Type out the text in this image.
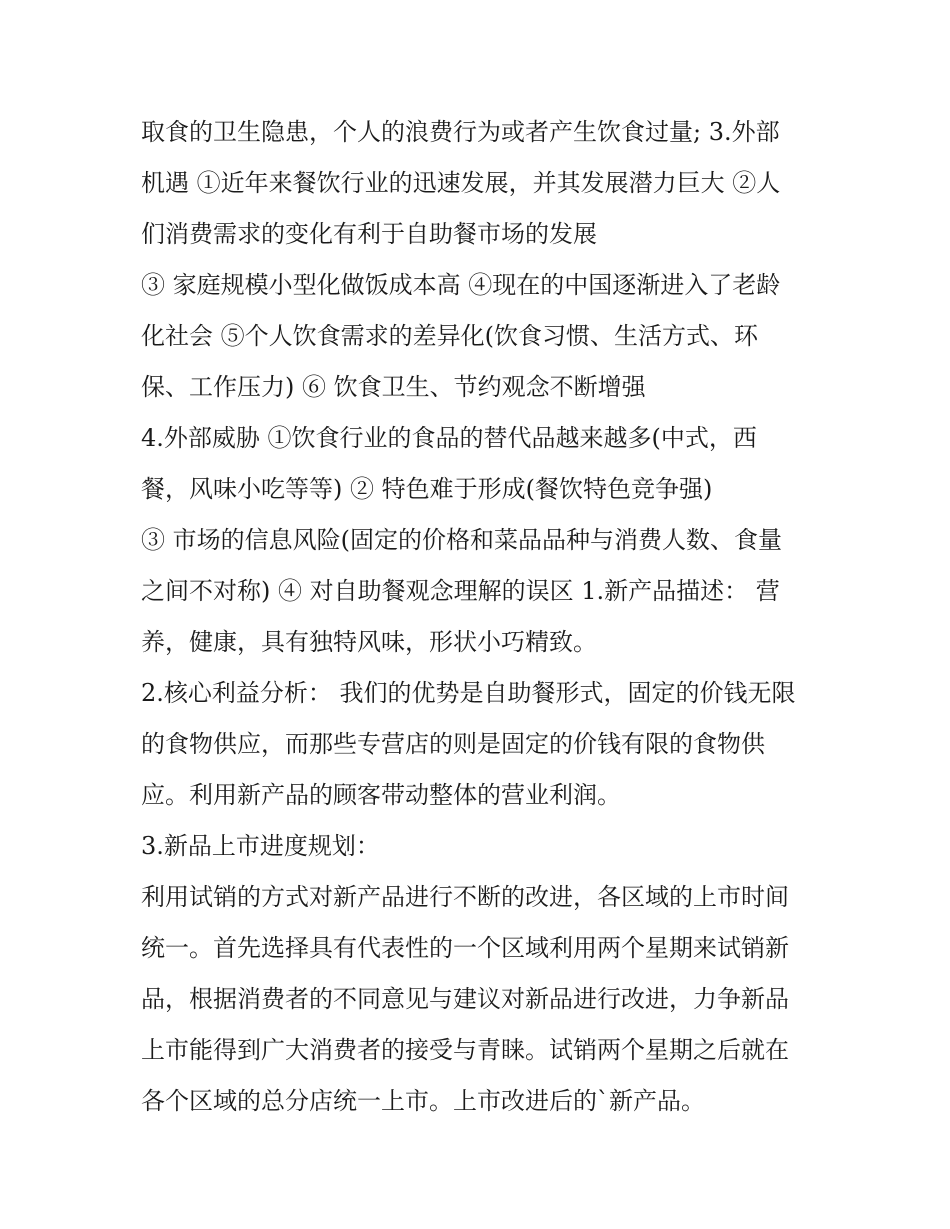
取食的卫生隐患，个人的浪费行为或者产生饮食过量; 3.外部
机遇 ①近年来餐饮行业的迅速发展，并其发展潜力巨大 ②人
们消费需求的变化有利于自助餐市场的发展
③ 家庭规模小型化做饭成本高 ④现在的中国逐渐进入了老龄
化社会 ⑤个人饮食需求的差异化(饮食习惯、生活方式、环
保、工作压力) ⑥ 饮食卫生、节约观念不断增强
4.外部威胁 ①饮食行业的食品的替代品越来越多(中式，西
餐，风味小吃等等) ② 特色难于形成(餐饮特色竞争强)
③ 市场的信息风险(固定的价格和菜品品种与消费人数、食量
之间不对称) ④ 对自助餐观念理解的误区 1.新产品描述： 营
养，健康，具有独特风味，形状小巧精致。
2.核心利益分析： 我们的优势是自助餐形式，固定的价钱无限
的食物供应，而那些专营店的则是固定的价钱有限的食物供
应。利用新产品的顾客带动整体的营业利润。
3.新品上市进度规划：
利用试销的方式对新产品进行不断的改进，各区域的上市时间
统一。首先选择具有代表性的一个区域利用两个星期来试销新
品，根据消费者的不同意见与建议对新品进行改进，力争新品
上市能得到广大消费者的接受与青睐。试销两个星期之后就在
各个区域的总分店统一上市。上市改进后的`新产品。
